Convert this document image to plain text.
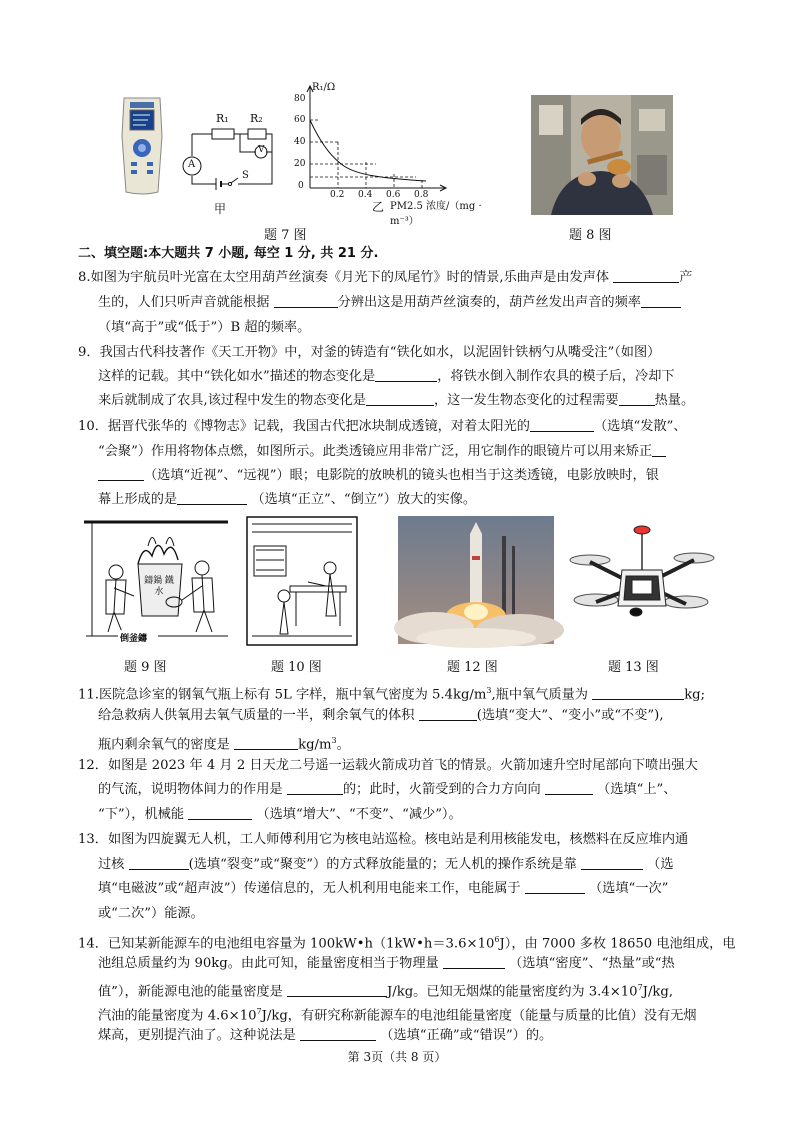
R₁ R₂
A
V
S
甲
R₁/Ω
80
60
40
20
0
0.2 0.4 0.6 0.8
PM2.5 浓度/（mg · m⁻³）
乙
题 7 图	题 8 图
二、填空题:本大题共 7 小题, 每空 1 分, 共 21 分.
8.如图为宇航员叶光富在太空用葫芦丝演奏《月光下的凤尾竹》时的情景,乐曲声是由发声体	产
生的，人们只听声音就能根据	分辨出这是用葫芦丝演奏的，葫芦丝发出声音的频率
（填“高于”或“低于”）B 超的频率。
9．我国古代科技著作《天工开物》中，对釜的铸造有“铁化如水，以泥固针铁柄勺从嘴受注”（如图）
这样的记载。其中“铁化如水”描述的物态变化是	，将铁水倒入制作农具的模子后，冷却下
来后就制成了农具,该过程中发生的物态变化是	，这一发生物态变化的过程需要	热量。
10．据晋代张华的《博物志》记载，我国古代把冰块制成透镜，对着太阳光的	（选填“发散”、
“会聚”）作用将物体点燃，如图所示。此类透镜应用非常广泛，用它制作的眼镜片可以用来矫正
（选填“近视”、“远视”）眼；电影院的放映机的镜头也相当于这类透镜，电影放映时，银
幕上形成的是	（选填“正立”、“倒立”）放大的实像。
鑄鍋 鐵水
倒釜鑄
题 9 图	题 10 图	题 12 图	题 13 图
11.医院急诊室的钢氧气瓶上标有 5L 字样，瓶中氧气密度为 $5.4kg/m^3$,瓶中氧气质量为	kg;
给急救病人供氧用去氧气质量的一半，剩余氧气的体积	(选填“变大”、“变小”或“不变”),
瓶内剩余氧气的密度是	$kg/m^3$。
12．如图是 2023 年 4 月 2 日天龙二号遥一运载火箭成功首飞的情景。火箭加速升空时尾部向下喷出强大
的气流，说明物体间力的作用是	的；此时，火箭受到的合力方向向	（选填“上”、
“下”），机械能	（选填“增大”、“不变”、“减少”）。
13．如图为四旋翼无人机，工人师傅利用它为核电站巡检。核电站是利用核能发电，核燃料在反应堆内通
过核	(选填“裂变”或“聚变”）的方式释放能量的；无人机的操作系统是靠	（选
填“电磁波”或“超声波”）传递信息的，无人机利用电能来工作，电能属于	（选填“一次”
或“二次”）能源。
14．已知某新能源车的电池组电容量为 $100kW•h(1kW•h=3.6\times 10^6J)$，由 7000 多枚 18650 电池组成，电
池组总质量约为 90kg。由此可知，能量密度相当于物理量	（选填“密度”、“热量”或“热
值”），新能源电池的能量密度是	J/kg。已知无烟煤的能量密度约为 $3.4\times 10^7J/kg$,
汽油的能量密度为 $4.6\times 10^7J/kg$，有研究称新能源车的电池组能量密度（能量与质量的比值）没有无烟
煤高，更别提汽油了。这种说法是	（选填“正确”或“错误”）的。
第 3页（共 8 页）
